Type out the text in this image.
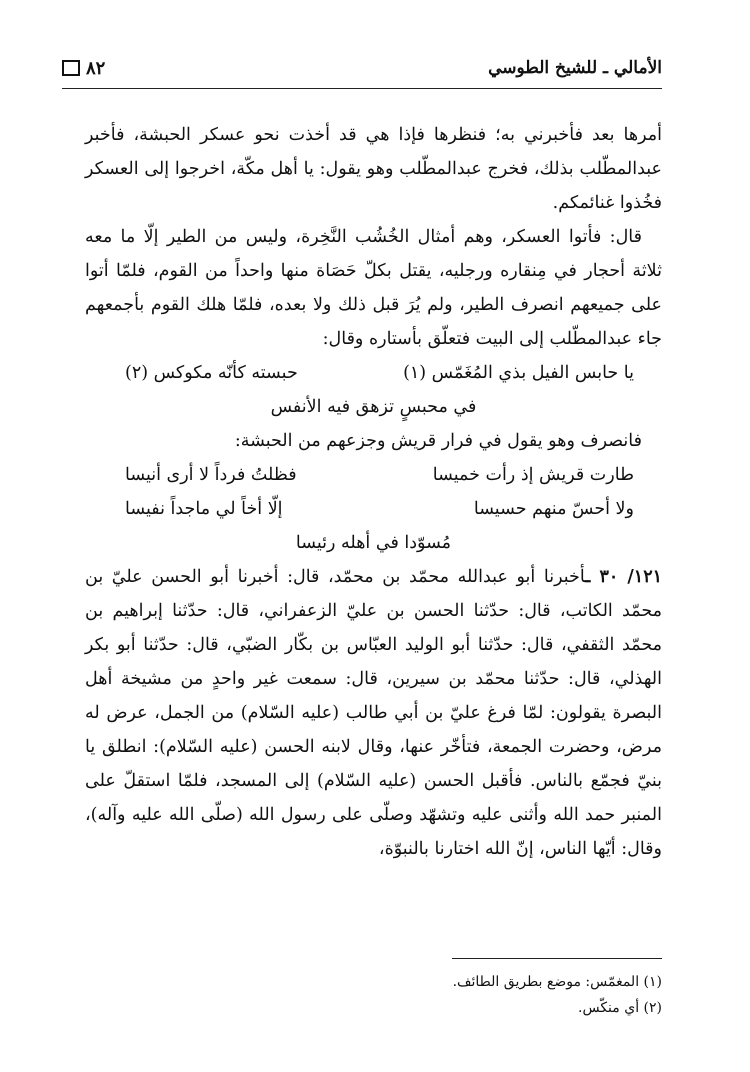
الأمالي ـ للشيخ الطوسي
٨٢

أمرها بعد فأخبرني به؛ فنظرها فإذا هي قد أخذت نحو عسكر الحبشة، فأخبر عبدالمطّلب بذلك، فخرج عبدالمطّلب وهو يقول: يا أهل مكّة، اخرجوا إلى العسكر فخُذوا غنائمكم.

قال: فأتوا العسكر، وهم أمثال الخُشُب النَّخِرة، وليس من الطير إلّا ما معه ثلاثة أحجار في مِنقاره ورجليه، يقتل بكلّ حَصَاة منها واحداً من القوم، فلمّا أتوا على جميعهم انصرف الطير، ولم يُرَ قبل ذلك ولا بعده، فلمّا هلك القوم بأجمعهم جاء عبدالمطّلب إلى البيت فتعلّق بأستاره وقال:

يا حابس الفيل بذي المُغَمّس (١)
حبسته كأنّه مكوكس (٢)
في محبسٍ تزهق فيه الأنفس

فانصرف وهو يقول في فرار قريش وجزعهم من الحبشة:

طارت قريش إذ رأت خميسا
فظلتُ فرداً لا أرى أنيسا
ولا أحسّ منهم حسيسا
إلّا أخاً لي ماجداً نفيسا
مُسوّدا في أهله رئيسا

١٢١/ ٣٠ ـأخبرنا أبو عبدالله محمّد بن محمّد، قال: أخبرنا أبو الحسن عليّ بن محمّد الكاتب، قال: حدّثنا الحسن بن عليّ الزعفراني، قال: حدّثنا إبراهيم بن محمّد الثقفي، قال: حدّثنا أبو الوليد العبّاس بن بكّار الضبّي، قال: حدّثنا أبو بكر الهذلي، قال: حدّثنا محمّد بن سيرين، قال: سمعت غير واحدٍ من مشيخة أهل البصرة يقولون: لمّا فرغ عليّ بن أبي طالب (عليه السّلام) من الجمل، عرض له مرض، وحضرت الجمعة، فتأخّر عنها، وقال لابنه الحسن (عليه السّلام): انطلق يا بنيّ فجمّع بالناس. فأقبل الحسن (عليه السّلام) إلى المسجد، فلمّا استقلّ على المنبر حمد الله وأثنى عليه وتشهّد وصلّى على رسول الله (صلّى الله عليه وآله)، وقال: أيّها الناس، إنّ الله اختارنا بالنبوّة،

(١) المغمّس: موضع بطريق الطائف.
(٢) أي منكّس.
